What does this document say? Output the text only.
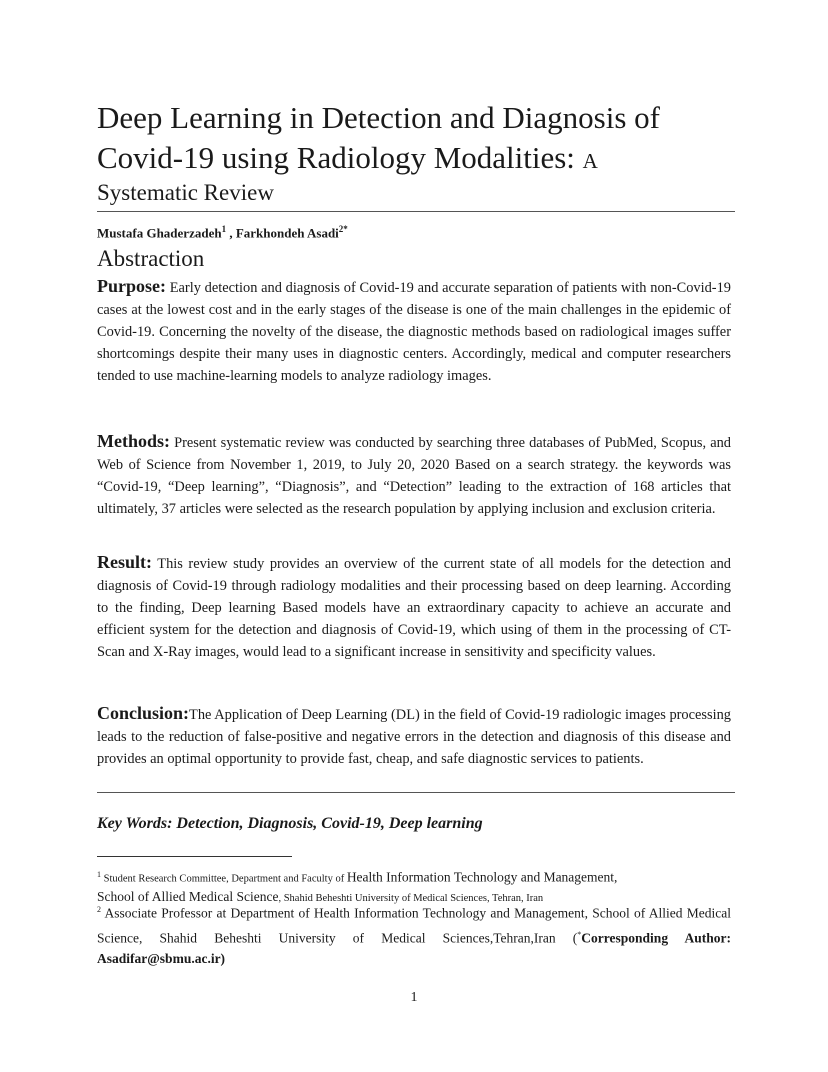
Deep Learning in Detection and Diagnosis of
Covid-19 using Radiology Modalities: A
Systematic Review
Mustafa Ghaderzadeh$^1$ , Farkhondeh Asadi$^{2*}$
Abstraction

Purpose: Early detection and diagnosis of Covid-19 and accurate separation of patients with non-Covid-19 cases at the lowest cost and in the early stages of the disease is one of the main challenges in the epidemic of Covid-19. Concerning the novelty of the disease, the diagnostic methods based on radiological images suffer shortcomings despite their many uses in diagnostic centers. Accordingly, medical and computer researchers tended to use machine-learning models to analyze radiology images.

Methods: Present systematic review was conducted by searching three databases of PubMed, Scopus, and Web of Science from November 1, 2019, to July 20, 2020 Based on a search strategy. the keywords was “Covid-19, “Deep learning”, “Diagnosis”, and “Detection” leading to the extraction of 168 articles that ultimately, 37 articles were selected as the research population by applying inclusion and exclusion criteria.

Result: This review study provides an overview of the current state of all models for the detection and diagnosis of Covid-19 through radiology modalities and their processing based on deep learning. According to the finding, Deep learning Based models have an extraordinary capacity to achieve an accurate and efficient system for the detection and diagnosis of Covid-19, which using of them in the processing of CT-Scan and X-Ray images, would lead to a significant increase in sensitivity and specificity values.

Conclusion:The Application of Deep Learning (DL) in the field of Covid-19 radiologic images processing leads to the reduction of false-positive and negative errors in the detection and diagnosis of this disease and provides an optimal opportunity to provide fast, cheap, and safe diagnostic services to patients.

Key Words: Detection, Diagnosis, Covid-19, Deep learning

$^1$ Student Research Committee, Department and Faculty of Health Information Technology and Management,
School of Allied Medical Science, Shahid Beheshti University of Medical Sciences, Tehran, Iran

$^2$ Associate Professor at Department of Health Information Technology and Management, School of Allied Medical Science, Shahid Beheshti University of Medical Sciences,Tehran,Iran (*Corresponding Author: Asadifar@sbmu.ac.ir)

1
